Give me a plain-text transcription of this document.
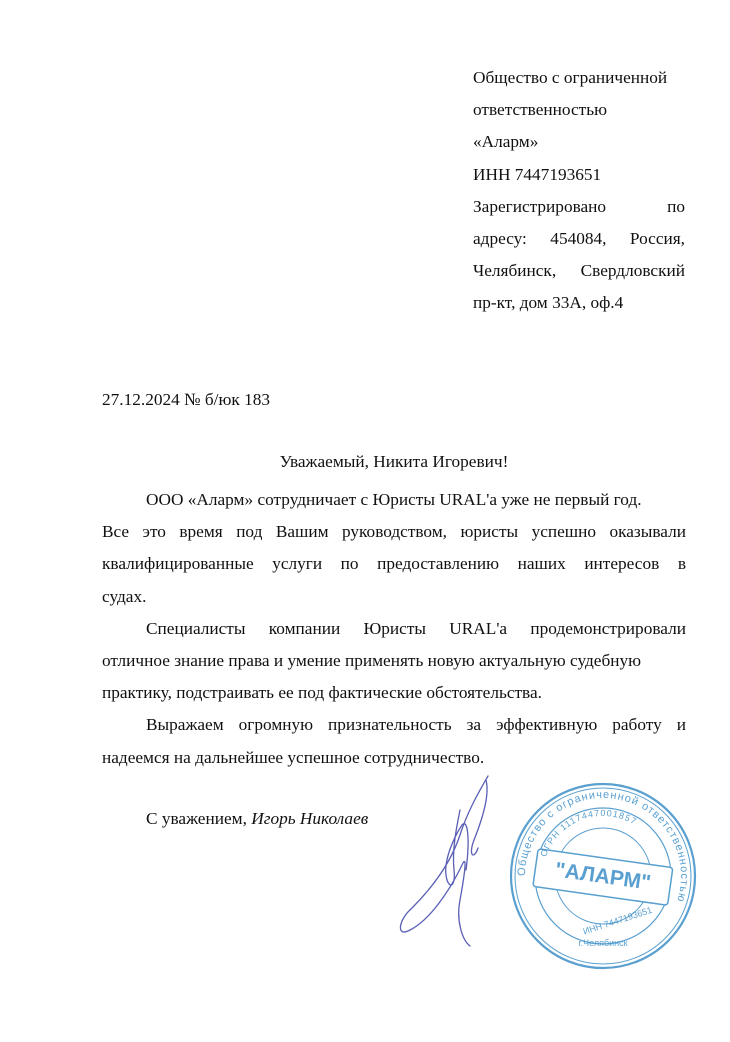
Общество с ограниченной
ответственностью
«Аларм»
ИНН 7447193651
Зарегистрировано	по
адресу: 454084, Россия,
Челябинск, Свердловский
пр-кт, дом 33А, оф.4
27.12.2024 № б/юк 183
Уважаемый, Никита Игоревич!
ООО «Аларм» сотрудничает с Юристы URAL'a уже не первый год.
Все это время под Вашим руководством, юристы успешно оказывали
квалифицированные услуги по предоставлению наших интересов в
судах.
Специалисты компании Юристы URAL'a продемонстрировали
отличное знание права и умение применять новую актуальную судебную
практику, подстраивать ее под фактические обстоятельства.
Выражаем огромную признательность за эффективную работу и
надеемся на дальнейшее успешное сотрудничество.
С уважением, Игорь Николаев
Общество с ограниченной ответственностью
ОГРН 1117447001857
"АЛАРМ"
ИНН 7447193651
г.Челябинск
